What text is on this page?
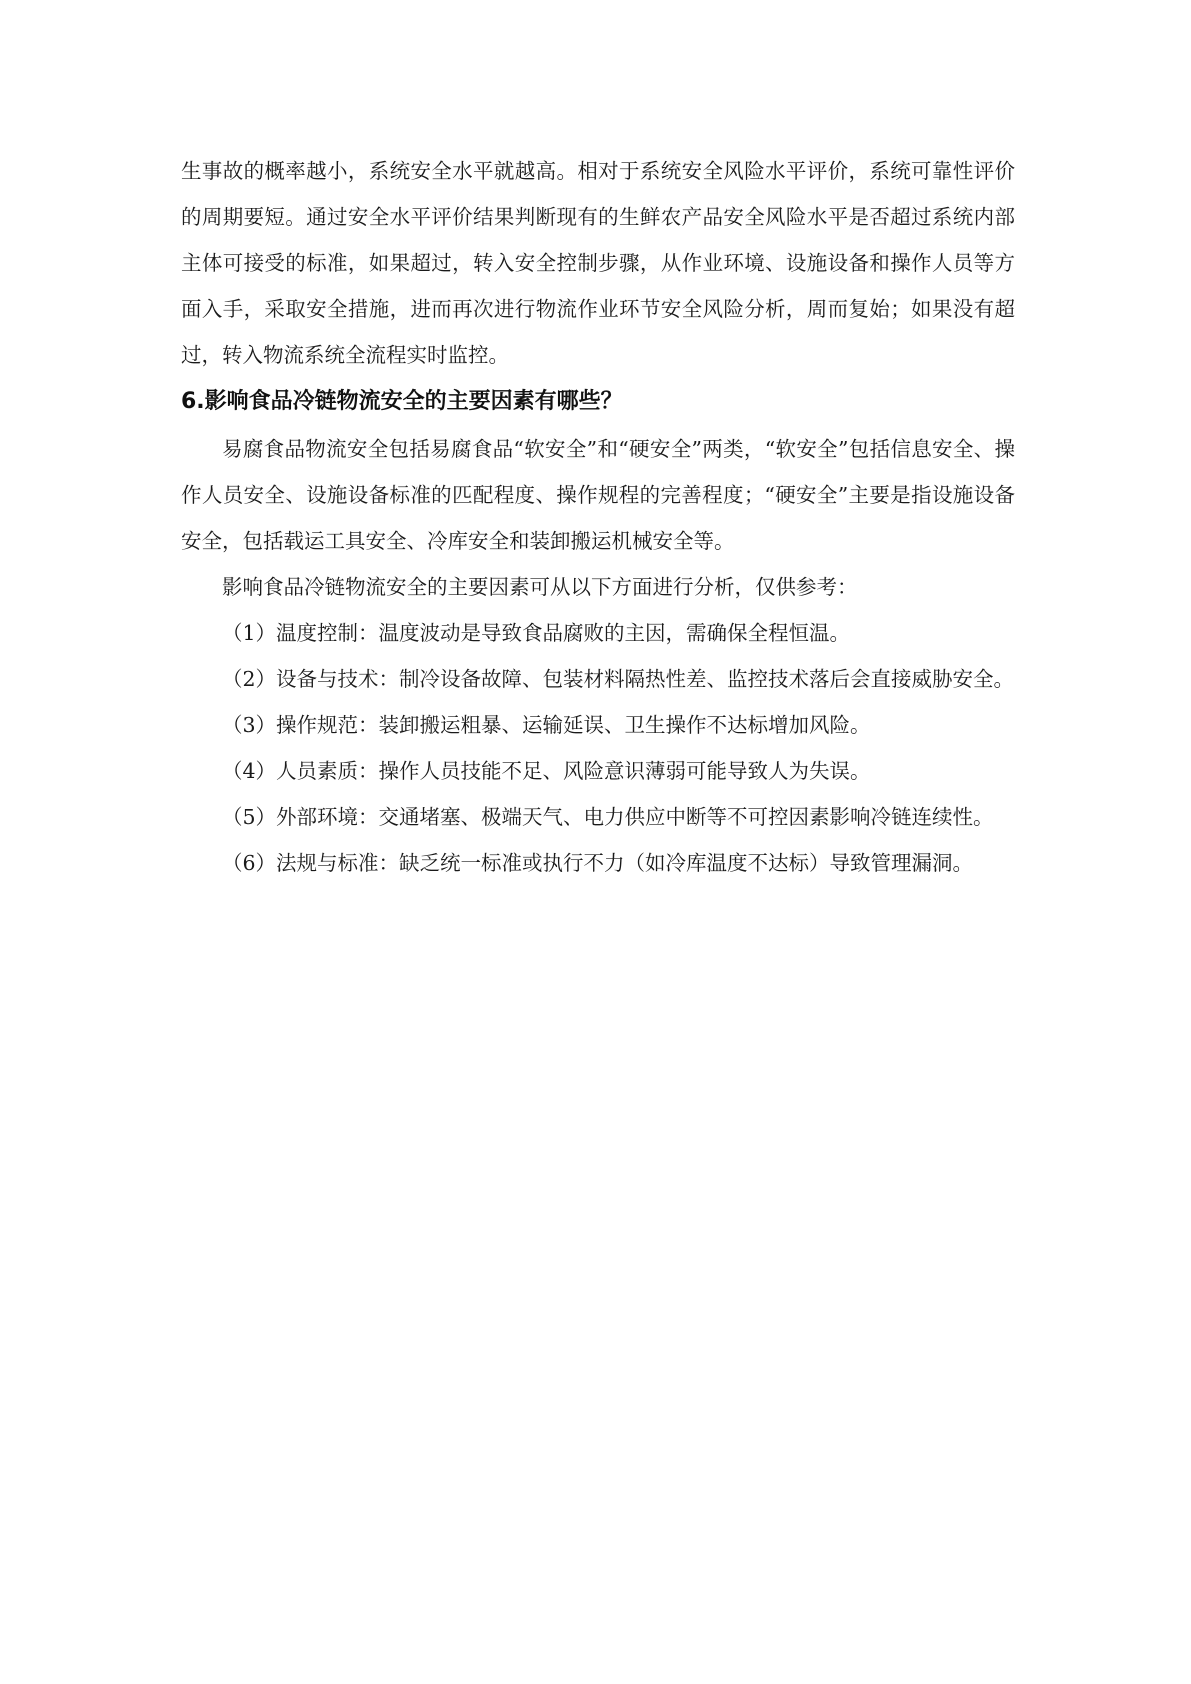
生事故的概率越小，系统安全水平就越高。相对于系统安全风险水平评价，系统可靠性评价的周期要短。通过安全水平评价结果判断现有的生鲜农产品安全风险水平是否超过系统内部主体可接受的标准，如果超过，转入安全控制步骤，从作业环境、设施设备和操作人员等方面入手，采取安全措施，进而再次进行物流作业环节安全风险分析，周而复始；如果没有超过，转入物流系统全流程实时监控。

6.影响食品冷链物流安全的主要因素有哪些？

易腐食品物流安全包括易腐食品“软安全”和“硬安全”两类，“软安全”包括信息安全、操作人员安全、设施设备标准的匹配程度、操作规程的完善程度；“硬安全”主要是指设施设备安全，包括载运工具安全、冷库安全和装卸搬运机械安全等。

影响食品冷链物流安全的主要因素可从以下方面进行分析，仅供参考：

（1）温度控制：温度波动是导致食品腐败的主因，需确保全程恒温。

（2）设备与技术：制冷设备故障、包装材料隔热性差、监控技术落后会直接威胁安全。

（3）操作规范：装卸搬运粗暴、运输延误、卫生操作不达标增加风险。

（4）人员素质：操作人员技能不足、风险意识薄弱可能导致人为失误。

（5）外部环境：交通堵塞、极端天气、电力供应中断等不可控因素影响冷链连续性。

（6）法规与标准：缺乏统一标准或执行不力（如冷库温度不达标）导致管理漏洞。
